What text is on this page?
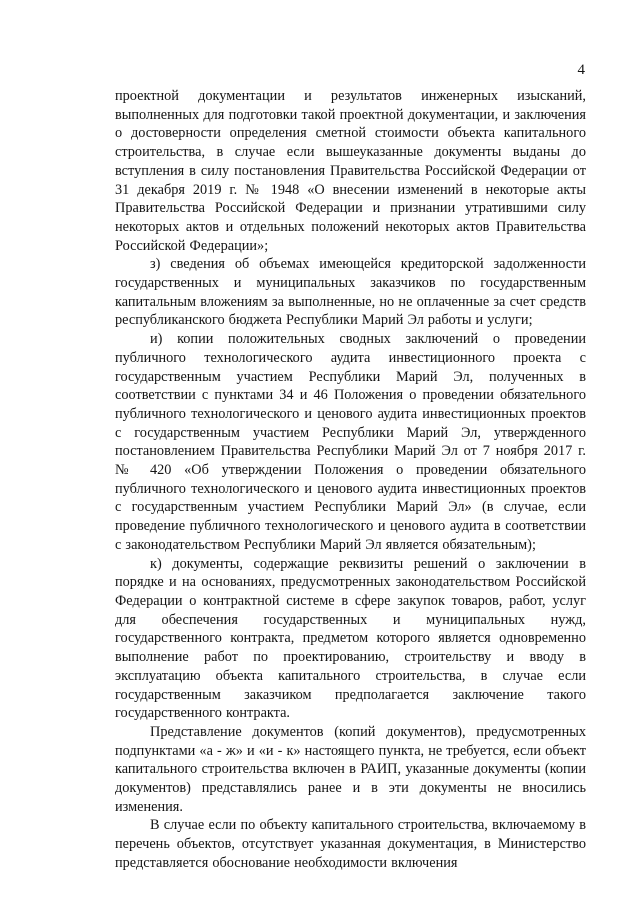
4

проектной документации и результатов инженерных изысканий, выполненных для подготовки такой проектной документации, и заключения о достоверности определения сметной стоимости объекта капитального строительства, в случае если вышеуказанные документы выданы до вступления в силу постановления Правительства Российской Федерации от 31 декабря 2019 г. № 1948 «О внесении изменений в некоторые акты Правительства Российской Федерации и признании утратившими силу некоторых актов и отдельных положений некоторых актов Правительства Российской Федерации»;

з) сведения об объемах имеющейся кредиторской задолженности государственных и муниципальных заказчиков по государственным капитальным вложениям за выполненные, но не оплаченные за счет средств республиканского бюджета Республики Марий Эл работы и услуги;

и) копии положительных сводных заключений о проведении публичного технологического аудита инвестиционного проекта с государственным участием Республики Марий Эл, полученных в соответствии с пунктами 34 и 46 Положения о проведении обязательного публичного технологического и ценового аудита инвестиционных проектов с государственным участием Республики Марий Эл, утвержденного постановлением Правительства Республики Марий Эл от 7 ноября 2017 г. № 420 «Об утверждении Положения о проведении обязательного публичного технологического и ценового аудита инвестиционных проектов с государственным участием Республики Марий Эл» (в случае, если проведение публичного технологического и ценового аудита в соответствии с законодательством Республики Марий Эл является обязательным);

к) документы, содержащие реквизиты решений о заключении в порядке и на основаниях, предусмотренных законодательством Российской Федерации о контрактной системе в сфере закупок товаров, работ, услуг для обеспечения государственных и муниципальных нужд, государственного контракта, предметом которого является одновременно выполнение работ по проектированию, строительству и вводу в эксплуатацию объекта капитального строительства, в случае если государственным заказчиком предполагается заключение такого государственного контракта.

Представление документов (копий документов), предусмотренных подпунктами «а - ж» и «и - к» настоящего пункта, не требуется, если объект капитального строительства включен в РАИП, указанные документы (копии документов) представлялись ранее и в эти документы не вносились изменения.

В случае если по объекту капитального строительства, включаемому в перечень объектов, отсутствует указанная документация, в Министерство представляется обоснование необходимости включения
